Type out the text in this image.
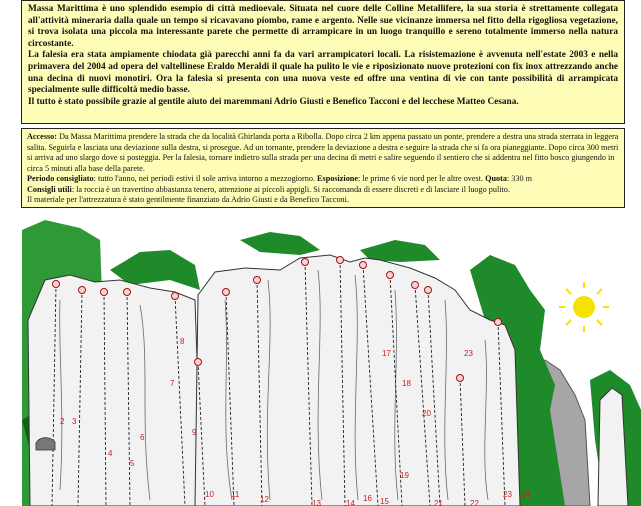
Massa Marittima è uno splendido esempio di città medioevale. Situata nel cuore delle Colline Metallifere, la sua storia è strettamente collegata all'attività mineraria dalla quale un tempo si ricavavano piombo, rame e argento. Nelle sue vicinanze immersa nel fitto della rigogliosa vegetazione, si trova isolata una piccola ma interessante parete che permette di arrampicare in un luogo tranquillo e sereno totalmente immerso nella natura circostante.

La falesia era stata ampiamente chiodata già parecchi anni fa da vari arrampicatori locali. La risistemazione è avvenuta nell'estate 2003 e nella primavera del 2004 ad opera del valtellinese Eraldo Meraldi il quale ha pulito le vie e riposizionato nuove protezioni con fix inox attrezzando anche una decina di nuovi monotiri. Ora la falesia si presenta con una nuova veste ed offre una ventina di vie con tante possibilità di arrampicata specialmente sulle difficoltà medio basse.

Il tutto è stato possibile grazie al gentile aiuto dei maremmani Adrio Giusti e Benefico Tacconi e del lecchese Matteo Cesana.

Accesso: Da Massa Marittima prendere la strada che da località Ghirlanda porta a Ribolla. Dopo circa 2 km appena passato un ponte, prendere a destra una strada sterrata in leggera salita. Seguirla e lasciata una deviazione sulla destra, si prosegue. Ad un tornante, prendere la deviazione a destra e seguire la strada che si fa ora pianeggiante. Dopo circa 300 metri si arriva ad uno slargo dove si posteggia. Per la falesia, tornare indietro sulla strada per una decina di metri e salire seguendo il sentiero che si addentra nel fitto bosco giungendo in circa 5 minuti alla base della parete.

Periodo consigliato: tutto l'anno, nei periodi estivi il sole arriva intorno a mezzogiorno. Esposizione: le prime 6 vie nord per le altre ovest. Quota: 330 m

Consigli utili: la roccia è un travertino abbastanza tenero, attenzione ai piccoli appigli. Si raccomanda di essere discreti e di lasciare il luogo pulito.

Il materiale per l'attrezzatura è stato gentilmente finanziato da Adrio Giusti e da Benefico Tacconi.

2 3
4
5
6
7
8
9
10 11
12	13	14	15
16
17
18
19
20
21	22
23
23 24
